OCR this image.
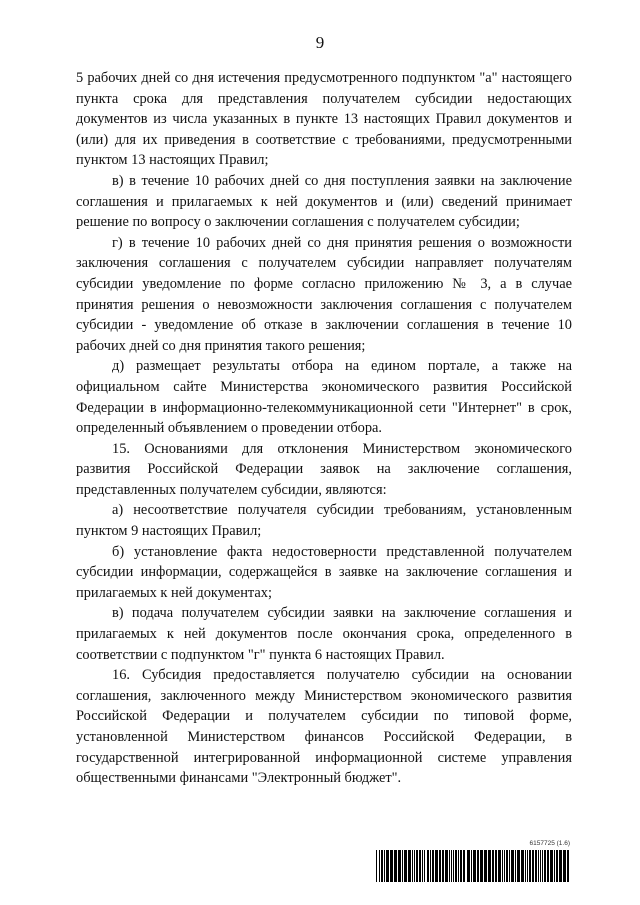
9

5 рабочих дней со дня истечения предусмотренного подпунктом "а" настоящего пункта срока для представления получателем субсидии недостающих документов из числа указанных в пункте 13 настоящих Правил документов и (или) для их приведения в соответствие с требованиями, предусмотренными пунктом 13 настоящих Правил;

в) в течение 10 рабочих дней со дня поступления заявки на заключение соглашения и прилагаемых к ней документов и (или) сведений принимает решение по вопросу о заключении соглашения с получателем субсидии;

г) в течение 10 рабочих дней со дня принятия решения о возможности заключения соглашения с получателем субсидии направляет получателям субсидии уведомление по форме согласно приложению № 3, а в случае принятия решения о невозможности заключения соглашения с получателем субсидии - уведомление об отказе в заключении соглашения в течение 10 рабочих дней со дня принятия такого решения;

д) размещает результаты отбора на едином портале, а также на официальном сайте Министерства экономического развития Российской Федерации в информационно-телекоммуникационной сети "Интернет" в срок, определенный объявлением о проведении отбора.

15. Основаниями для отклонения Министерством экономического развития Российской Федерации заявок на заключение соглашения, представленных получателем субсидии, являются:

а) несоответствие получателя субсидии требованиям, установленным пунктом 9 настоящих Правил;

б) установление факта недостоверности представленной получателем субсидии информации, содержащейся в заявке на заключение соглашения и прилагаемых к ней документах;

в) подача получателем субсидии заявки на заключение соглашения и прилагаемых к ней документов после окончания срока, определенного в соответствии с подпунктом "г" пункта 6 настоящих Правил.

16. Субсидия предоставляется получателю субсидии на основании соглашения, заключенного между Министерством экономического развития Российской Федерации и получателем субсидии по типовой форме, установленной Министерством финансов Российской Федерации, в государственной интегрированной информационной системе управления общественными финансами "Электронный бюджет".

6157725 (1.6)
